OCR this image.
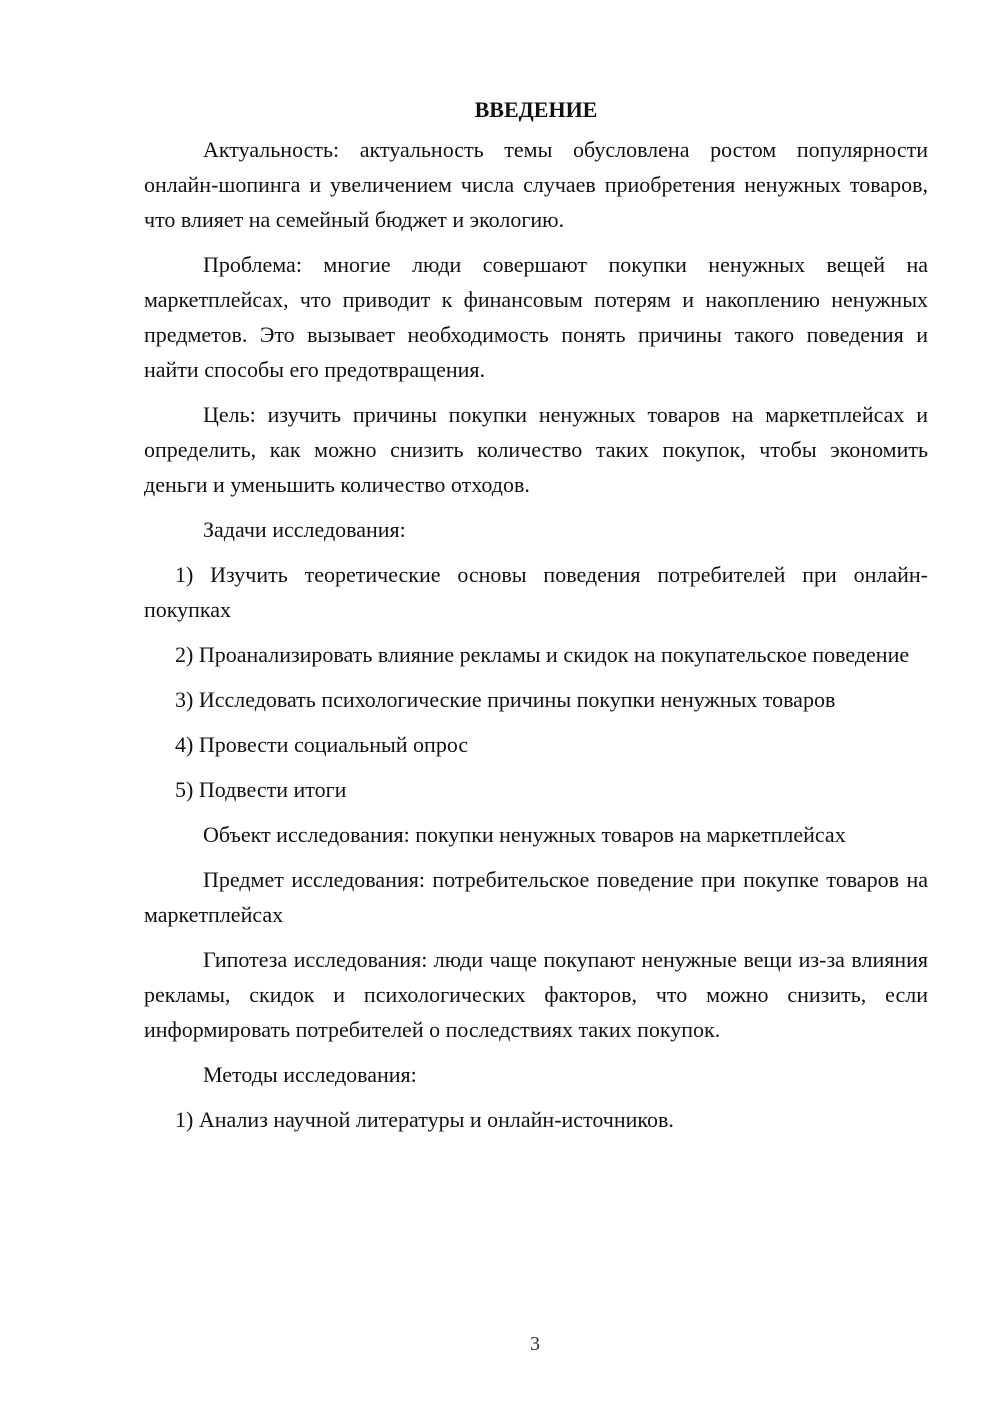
ВВЕДЕНИЕ

Актуальность: актуальность темы обусловлена ростом популярности онлайн-шопинга и увеличением числа случаев приобретения ненужных товаров, что влияет на семейный бюджет и экологию.

Проблема: многие люди совершают покупки ненужных вещей на маркетплейсах, что приводит к финансовым потерям и накоплению ненужных предметов. Это вызывает необходимость понять причины такого поведения и найти способы его предотвращения.

Цель: изучить причины покупки ненужных товаров на маркетплейсах и определить, как можно снизить количество таких покупок, чтобы экономить деньги и уменьшить количество отходов.

Задачи исследования:

1) Изучить теоретические основы поведения потребителей при онлайн-покупках

2) Проанализировать влияние рекламы и скидок на покупательское поведение

3) Исследовать психологические причины покупки ненужных товаров

4) Провести социальный опрос

5) Подвести итоги

Объект исследования: покупки ненужных товаров на маркетплейсах

Предмет исследования: потребительское поведение при покупке товаров на маркетплейсах

Гипотеза исследования: люди чаще покупают ненужные вещи из-за влияния рекламы, скидок и психологических факторов, что можно снизить, если информировать потребителей о последствиях таких покупок.

Методы исследования:

1) Анализ научной литературы и онлайн-источников.

3
